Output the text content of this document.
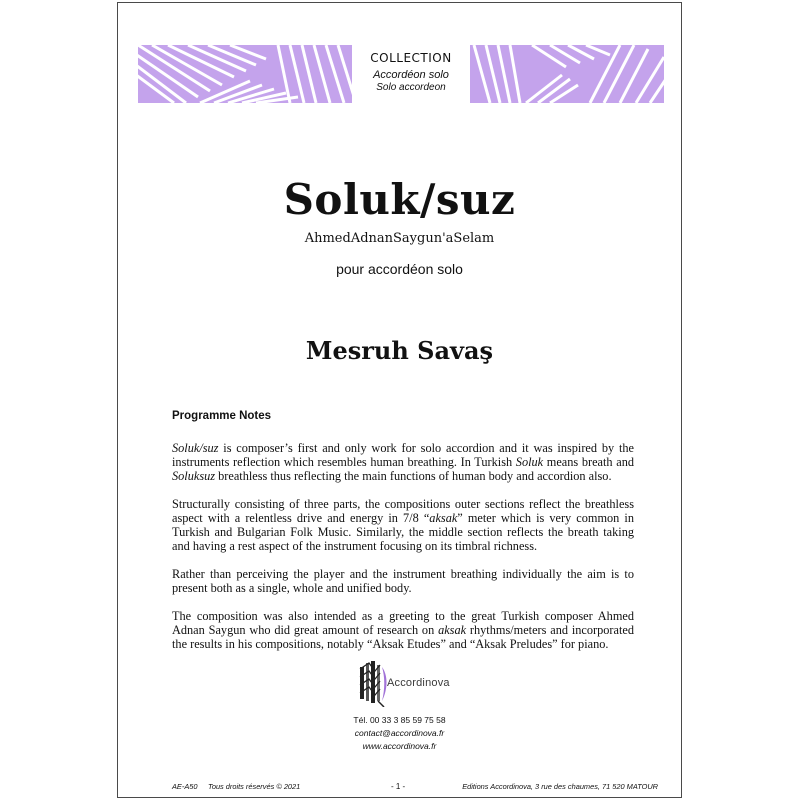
COLLECTION
Accordéon solo
Solo accordeon
Soluk/suz
AhmedAdnanSaygun'aSelam
pour accordéon solo
Mesruh Savaş
Programme Notes

Soluk/suz is composer’s first and only work for solo accordion and it was inspired by the instruments reflection which resembles human breathing. In Turkish Soluk means breath and Soluksuz breathless thus reflecting the main functions of human body and accordion also.

Structurally consisting of three parts, the compositions outer sections reflect the breathless aspect with a relentless drive and energy in 7/8 “aksak” meter which is very common in Turkish and Bulgarian Folk Music. Similarly, the middle section reflects the breath taking and having a rest aspect of the instrument focusing on its timbral richness.

Rather than perceiving the player and the instrument breathing individually the aim is to present both as a single, whole and unified body.

The composition was also intended as a greeting to the great Turkish composer Ahmed Adnan Saygun who did great amount of research on aksak rhythms/meters and incorporated the results in his compositions, notably “Aksak Etudes” and “Aksak Preludes” for piano.

Accordinova
Tél. 00 33 3 85 59 75 58
contact@accordinova.fr
www.accordinova.fr
AE-A50 Tous droits réservés © 2021	- 1 -	Editions Accordinova, 3 rue des chaumes, 71 520 MATOUR
